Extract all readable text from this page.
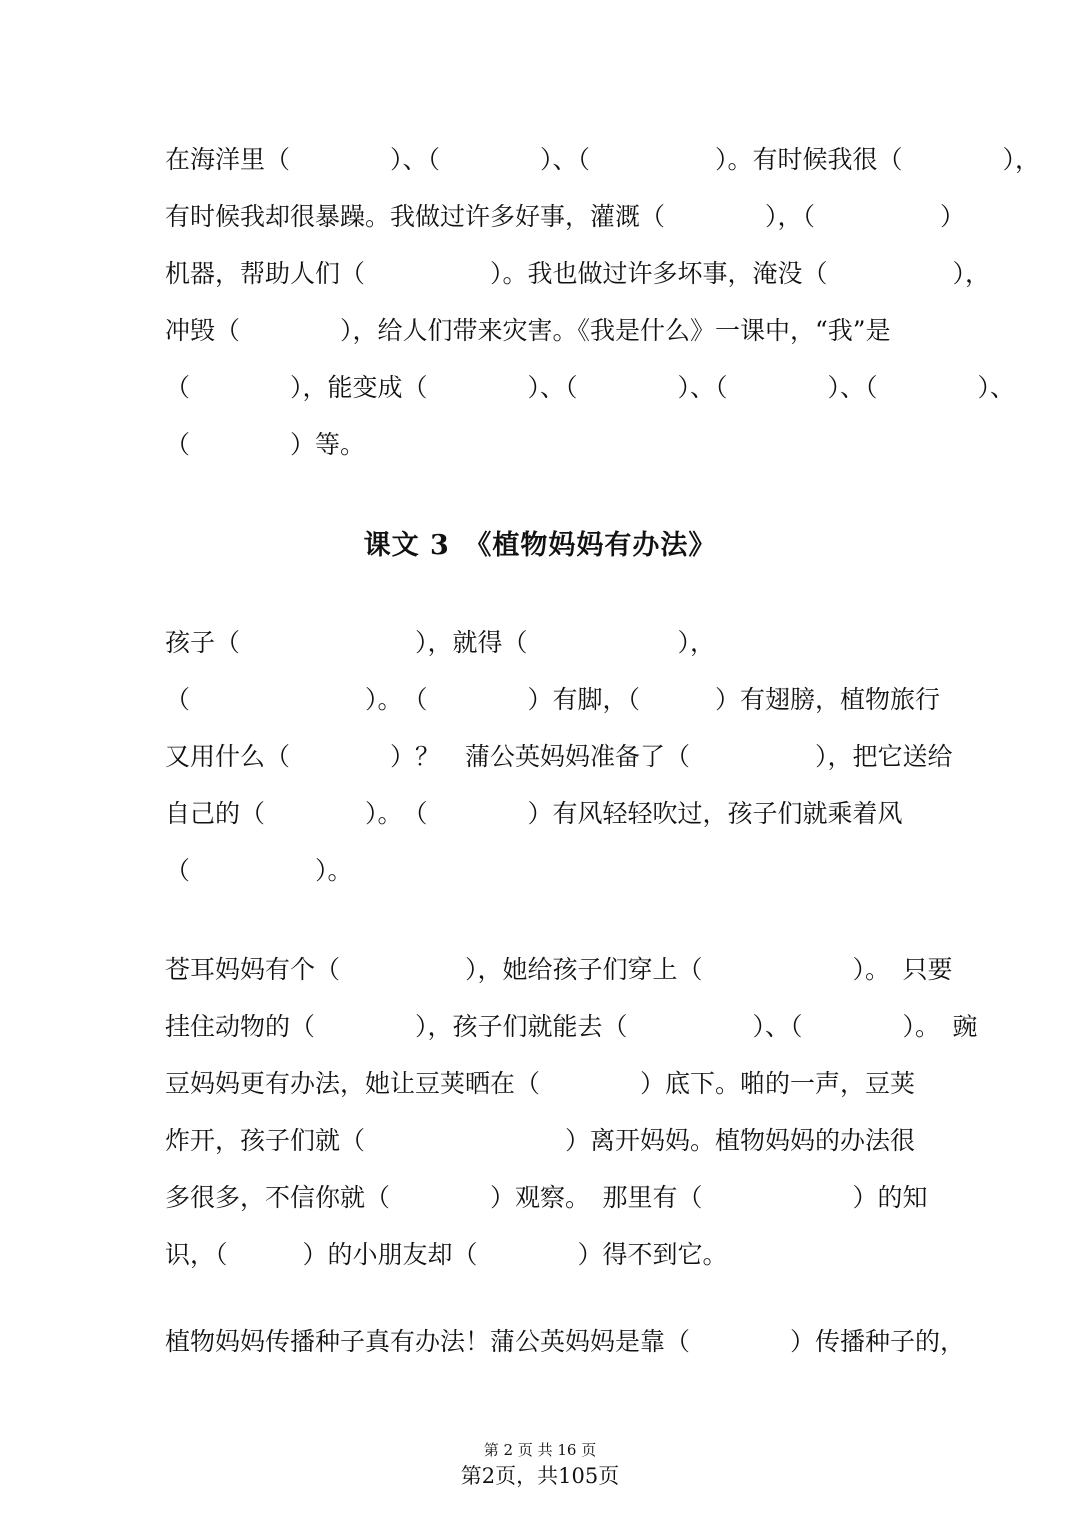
在海洋里（　　　　）、（　　　　）、（　　　　　）。有时候我很（　　　　），
有时候我却很暴躁。我做过许多好事，灌溉（　　　　），（　　　　　）
机器，帮助人们（　　　　　）。我也做过许多坏事，淹没（　　　　　），
冲毁（　　　　），给人们带来灾害。《我是什么》一课中，“我”是
（　　　　），能变成（　　　　）、（　　　　）、（　　　　）、（　　　　）、
（　　　　）等。
课文 3　《植物妈妈有办法》
孩子（　　　　　　　），就得（　　　　　　），
（　　　　　　　）。　（　　　　）有脚，（　　　）有翅膀，植物旅行
又用什么（　　　　）？　蒲公英妈妈准备了（　　　　　），把它送给
自己的（　　　　）。　（　　　　）有风轻轻吹过，孩子们就乘着风
（　　　　　）。
苍耳妈妈有个（　　　　　），她给孩子们穿上（　　　　　　）。　只要
挂住动物的（　　　　），孩子们就能去（　　　　　）、（　　　　）。　豌
豆妈妈更有办法，她让豆荚晒在（　　　　）底下。啪的一声，豆荚
炸开，孩子们就（　　　　　　　　）离开妈妈。植物妈妈的办法很
多很多，不信你就（　　　　）观察。　那里有（　　　　　　）的知
识，（　　　）的小朋友却（　　　　）得不到它。
植物妈妈传播种子真有办法！蒲公英妈妈是靠（　　　　）传播种子的，
第 2 页 共 16 页
第2页，共105页
